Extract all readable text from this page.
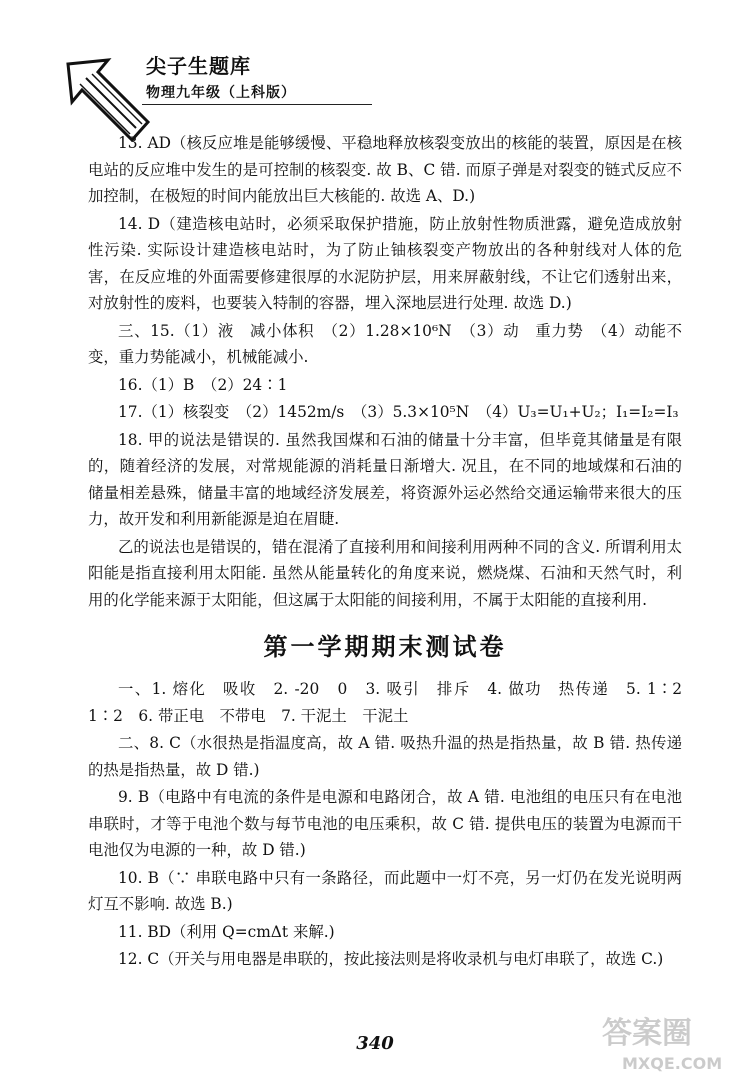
尖子生题库
物理九年级（上科版）

13. AD（核反应堆是能够缓慢、平稳地释放核裂变放出的核能的装置，原因是在核电站的反应堆中发生的是可控制的核裂变. 故 B、C 错. 而原子弹是对裂变的链式反应不加控制，在极短的时间内能放出巨大核能的. 故选 A、D.)

14. D（建造核电站时，必须采取保护措施，防止放射性物质泄露，避免造成放射性污染. 实际设计建造核电站时，为了防止铀核裂变产物放出的各种射线对人体的危害，在反应堆的外面需要修建很厚的水泥防护层，用来屏蔽射线，不让它们透射出来，对放射性的废料，也要装入特制的容器，埋入深地层进行处理. 故选 D.)

三、15.（1）液　减小体积　（2）1.28×10⁶N　（3）动　重力势　（4）动能不变，重力势能减小，机械能减小.

16.（1）B　（2）24∶1

17.（1）核裂变　（2）1452m/s　（3）5.3×10⁵N　（4）U₃=U₁+U₂；I₁=I₂=I₃

18. 甲的说法是错误的. 虽然我国煤和石油的储量十分丰富，但毕竟其储量是有限的，随着经济的发展，对常规能源的消耗量日渐增大. 况且，在不同的地域煤和石油的储量相差悬殊，储量丰富的地域经济发展差，将资源外运必然给交通运输带来很大的压力，故开发和利用新能源是迫在眉睫.

乙的说法也是错误的，错在混淆了直接利用和间接利用两种不同的含义. 所谓利用太阳能是指直接利用太阳能. 虽然从能量转化的角度来说，燃烧煤、石油和天然气时，利用的化学能来源于太阳能，但这属于太阳能的间接利用，不属于太阳能的直接利用.

第一学期期末测试卷

一、1. 熔化　吸收　2. -20　0　3. 吸引　排斥　4. 做功　热传递　5. 1∶2　1∶2　6. 带正电　不带电　7. 干泥土　干泥土

二、8. C（水很热是指温度高，故 A 错. 吸热升温的热是指热量，故 B 错. 热传递的热是指热量，故 D 错.)

9. B（电路中有电流的条件是电源和电路闭合，故 A 错. 电池组的电压只有在电池串联时，才等于电池个数与每节电池的电压乘积，故 C 错. 提供电压的装置为电源而干电池仅为电源的一种，故 D 错.)

10. B（∵ 串联电路中只有一条路径，而此题中一灯不亮，另一灯仍在发光说明两灯互不影响. 故选 B.)

11. BD（利用 Q=cmΔt 来解.)

12. C（开关与用电器是串联的，按此接法则是将收录机与电灯串联了，故选 C.)

340	答案圈
MXQE.COM
